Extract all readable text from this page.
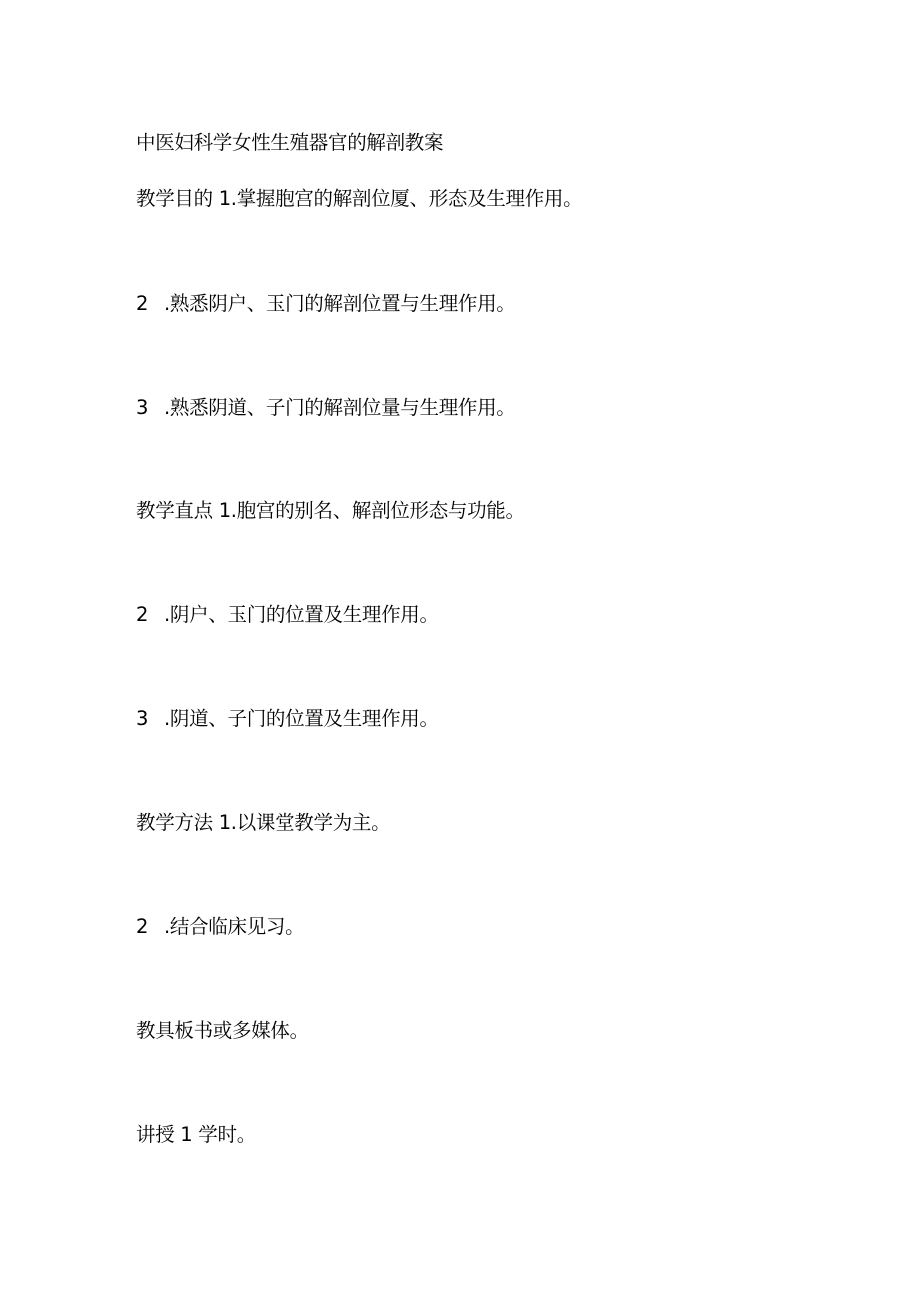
中医妇科学女性生殖器官的解剖教案
教学目的 1.掌握胞宫的解剖位厦、形态及生理作用。
2 .熟悉阴户、玉门的解剖位置与生理作用。
3 .熟悉阴道、子门的解剖位量与生理作用。
教学直点 1.胞宫的别名、解剖位形态与功能。
2 .阴户、玉门的位置及生理作用。
3 .阴道、子门的位置及生理作用。
教学方法 1.以课堂教学为主。
2 .结合临床见习。
教具板书或多媒体。
讲授 1 学时。
